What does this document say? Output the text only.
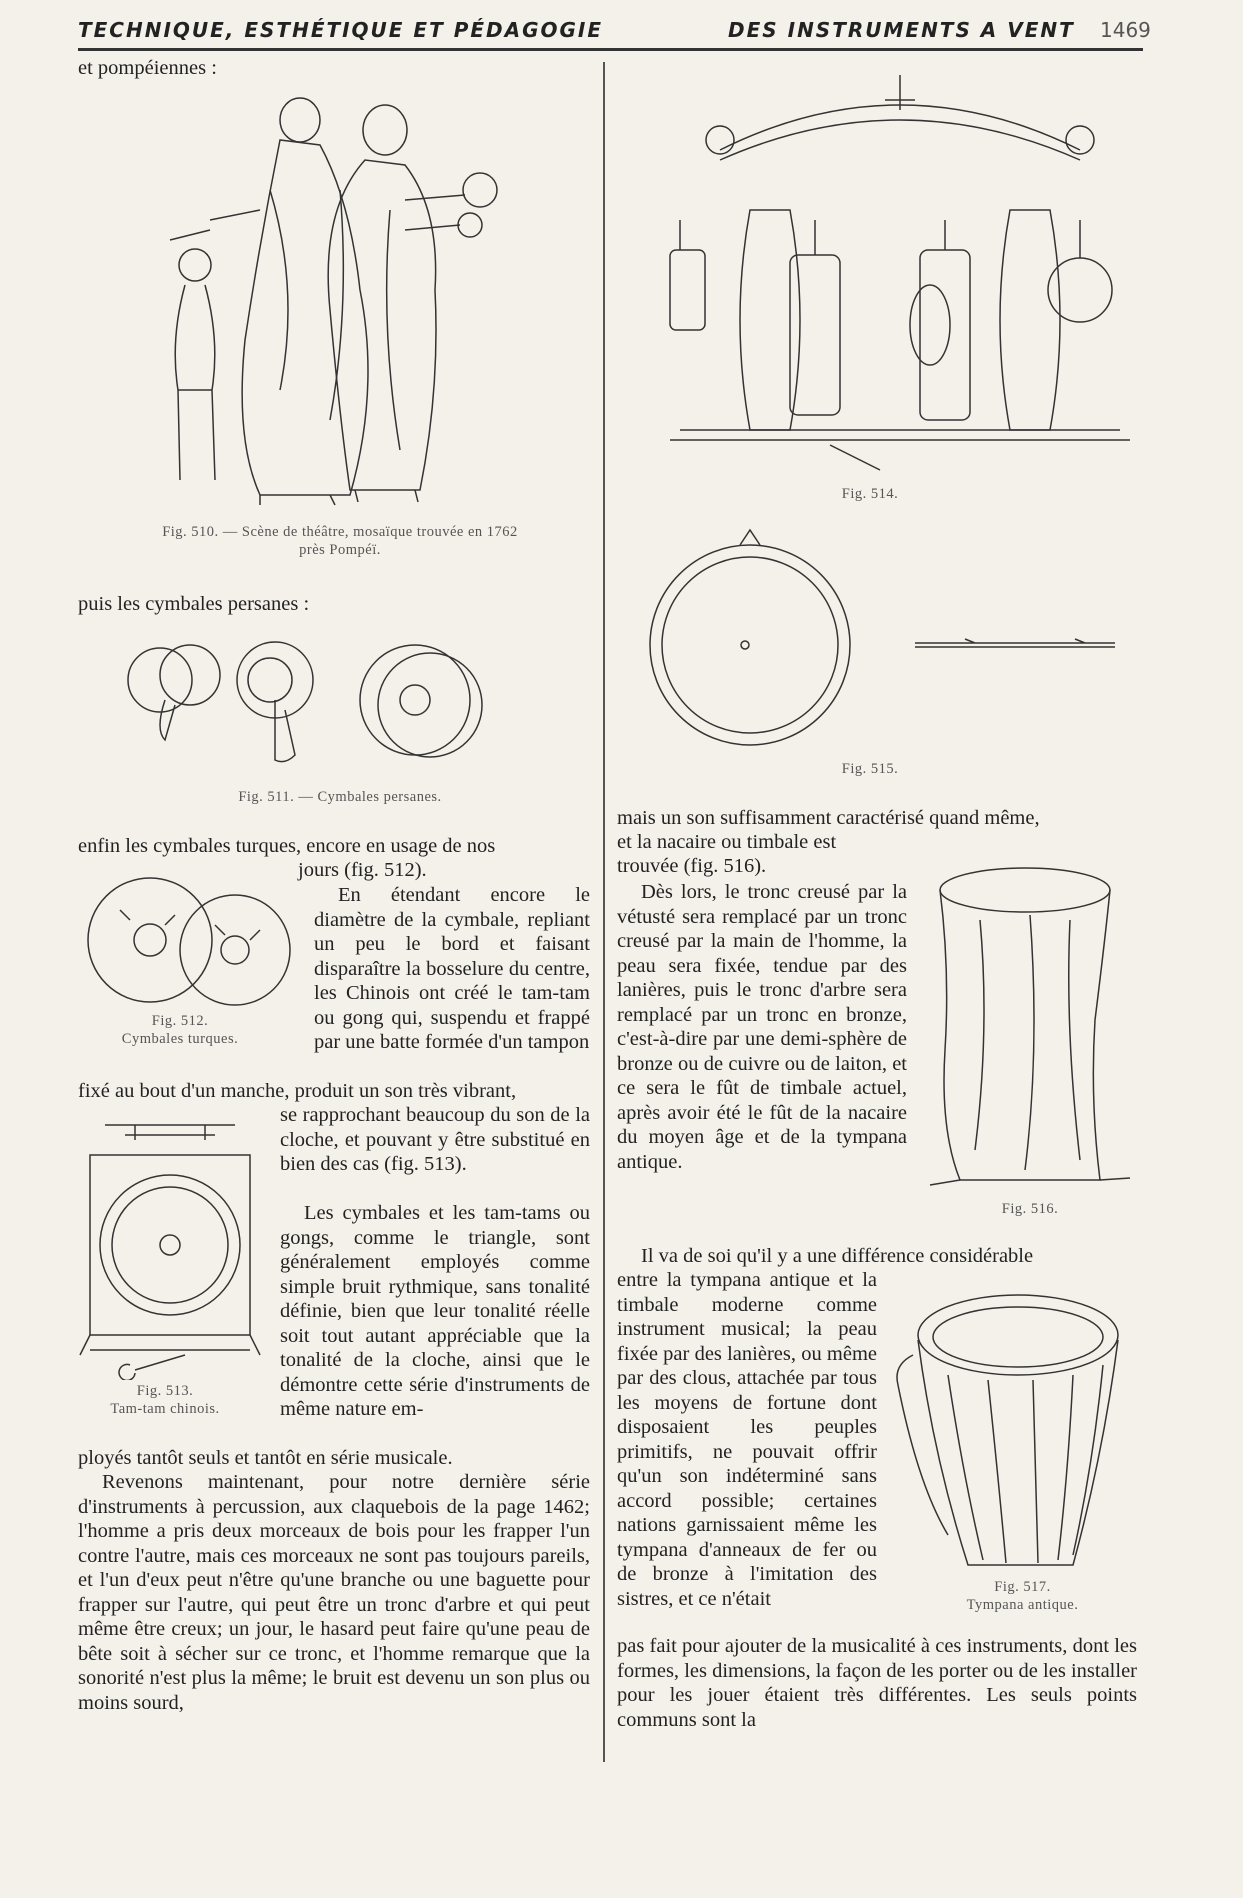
TECHNIQUE, ESTHÉTIQUE ET PÉDAGOGIE	DES INSTRUMENTS A VENT 1469
et pompéiennes :
Fig. 510. — Scène de théâtre, mosaïque trouvée en 1762
près Pompéï.
puis les cymbales persanes :
Fig. 511. — Cymbales persanes.
enfin les cymbales turques, encore en usage de nos
jours (fig. 512).
Fig. 512.
Cymbales turques.
En étendant encore le diamètre de la cymbale, repliant un peu le bord et faisant disparaître la bosselure du centre, les Chinois ont créé le tam-tam ou gong qui, suspendu et frappé par une batte formée d'un tampon
fixé au bout d'un manche, produit un son très vibrant,
Fig. 513.
Tam-tam chinois.
se rapprochant beaucoup du son de la cloche, et pouvant y être substitué en bien des cas (fig. 513).
Les cymbales et les tam-tams ou gongs, comme le triangle, sont généralement employés comme simple bruit rythmique, sans tonalité définie, bien que leur tonalité réelle soit tout autant appréciable que la tonalité de la cloche, ainsi que le démontre cette série d'instruments de même nature em-
ployés tantôt seuls et tantôt en série musicale.
Revenons maintenant, pour notre dernière série d'instruments à percussion, aux claquebois de la page 1462; l'homme a pris deux morceaux de bois pour les frapper l'un contre l'autre, mais ces morceaux ne sont pas toujours pareils, et l'un d'eux peut n'être qu'une branche ou une baguette pour frapper sur l'autre, qui peut être un tronc d'arbre et qui peut même être creux; un jour, le hasard peut faire qu'une peau de bête soit à sécher sur ce tronc, et l'homme remarque que la sonorité n'est plus la même; le bruit est devenu un son plus ou moins sourd,
Fig. 514.
Fig. 515.
mais un son suffisamment caractérisé quand même,
et la nacaire ou timbale est
trouvée (fig. 516).
Fig. 516.
Dès lors, le tronc creusé par la vétusté sera remplacé par un tronc creusé par la main de l'homme, la peau sera fixée, tendue par des lanières, puis le tronc d'arbre sera remplacé par un tronc en bronze, c'est-à-dire par une demi-sphère de bronze ou de cuivre ou de laiton, et ce sera le fût de timbale actuel, après avoir été le fût de la nacaire du moyen âge et de la tympana antique.
Il va de soi qu'il y a une différence considérable
Fig. 517.
Tympana antique.
entre la tympana antique et la timbale moderne comme instrument musical; la peau fixée par des lanières, ou même par des clous, attachée par tous les moyens de fortune dont disposaient les peuples primitifs, ne pouvait offrir qu'un son indéterminé sans accord possible; certaines nations garnissaient même les tympana d'anneaux de fer ou de bronze à l'imitation des sistres, et ce n'était
pas fait pour ajouter de la musicalité à ces instruments, dont les formes, les dimensions, la façon de les porter ou de les installer pour les jouer étaient très différentes. Les seuls points communs sont la
